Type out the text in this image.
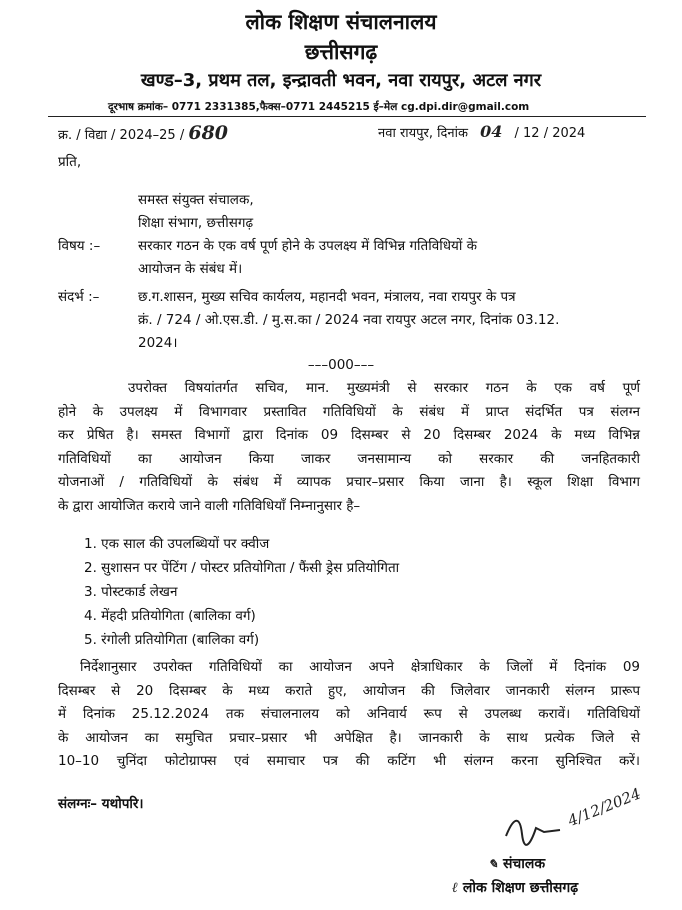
लोक शिक्षण संचालनालय
छत्तीसगढ़
खण्ड–3, प्रथम तल, इन्द्रावती भवन, नवा रायपुर, अटल नगर
दूरभाष क्रमांक– 0771 2331385,फैक्स–0771 2445215 ई–मेल cg.dpi.dir@gmail.com
क्र. / विद्या / 2024–25 / 680	नवा रायपुर, दिनांक 04 / 12 / 2024
प्रति,
समस्त संयुक्त संचालक,
शिक्षा संभाग, छत्तीसगढ़
विषय :–	सरकार गठन के एक वर्ष पूर्ण होने के उपलक्ष्य में विभिन्न गतिविधियों के
आयोजन के संबंध में।
संदर्भ :–	छ.ग.शासन, मुख्य सचिव कार्यलय, महानदी भवन, मंत्रालय, नवा रायपुर के पत्र
क्रं. / 724 / ओ.एस.डी. / मु.स.का / 2024 नवा रायपुर अटल नगर, दिनांक 03.12.
2024।
–––000–––
उपरोक्त विषयांतर्गत सचिव, मान. मुख्यमंत्री से सरकार गठन के एक वर्ष पूर्ण
होने के उपलक्ष्य में विभागवार प्रस्तावित गतिविधियों के संबंध में प्राप्त संदर्भित पत्र संलग्न
कर प्रेषित है। समस्त विभागों द्वारा दिनांक 09 दिसम्बर से 20 दिसम्बर 2024 के मध्य विभिन्न
गतिविधियों का आयोजन किया जाकर जनसामान्य को सरकार की जनहितकारी
योजनाओं / गतिविधियों के संबंध में व्यापक प्रचार–प्रसार किया जाना है। स्कूल शिक्षा विभाग
के द्वारा आयोजित कराये जाने वाली गतिविधियॉं निम्नानुसार है–
1. एक साल की उपलब्धियों पर क्वीज
2. सुशासन पर पेंटिंग / पोस्टर प्रतियोगिता / फैंसी ड्रेस प्रतियोगिता
3. पोस्टकार्ड लेखन
4. मेंहदी प्रतियोगिता (बालिका वर्ग)
5. रंगोली प्रतियोगिता (बालिका वर्ग)
निर्देशानुसार उपरोक्त गतिविधियों का आयोजन अपने क्षेत्राधिकार के जिलों में दिनांक 09
दिसम्बर से 20 दिसम्बर के मध्य कराते हुए, आयोजन की जिलेवार जानकारी संलग्न प्रारूप
में दिनांक 25.12.2024 तक संचालनालय को अनिवार्य रूप से उपलब्ध करावें। गतिविधियों
के आयोजन का समुचित प्रचार–प्रसार भी अपेक्षित है। जानकारी के साथ प्रत्येक जिले से
10–10 चुनिंदा फोटोग्राफ्स एवं समाचार पत्र की कटिंग भी संलग्न करना सुनिश्चित करें।
संलग्नः– यथोपरि।	4/12/2024
✎ संचालक
ℓ लोक शिक्षण छत्तीसगढ़
